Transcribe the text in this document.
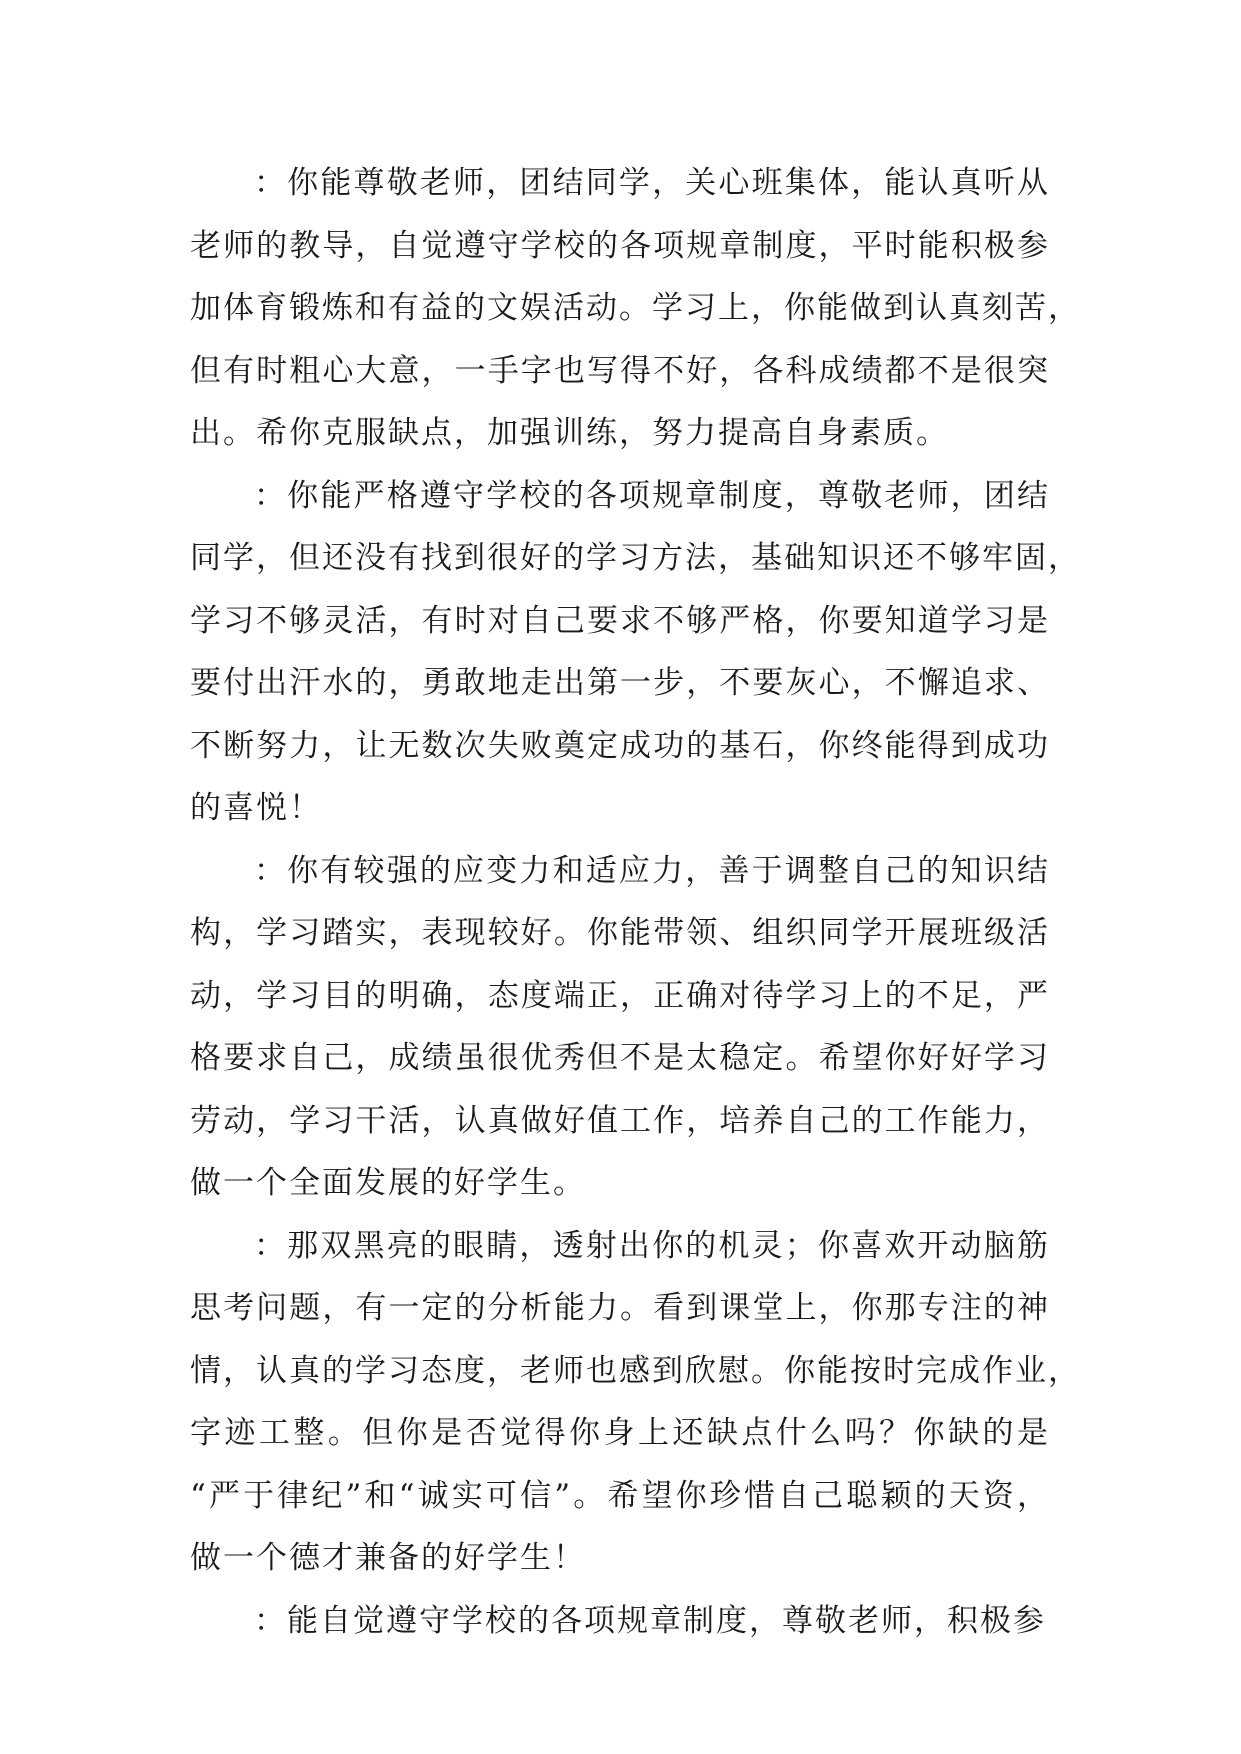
：你能尊敬老师，团结同学，关心班集体，能认真听从
老师的教导，自觉遵守学校的各项规章制度，平时能积极参
加体育锻炼和有益的文娱活动。学习上，你能做到认真刻苦，
但有时粗心大意，一手字也写得不好，各科成绩都不是很突
出。希你克服缺点，加强训练，努力提高自身素质。
：你能严格遵守学校的各项规章制度，尊敬老师，团结
同学，但还没有找到很好的学习方法，基础知识还不够牢固，
学习不够灵活，有时对自己要求不够严格，你要知道学习是
要付出汗水的，勇敢地走出第一步，不要灰心，不懈追求、
不断努力，让无数次失败奠定成功的基石，你终能得到成功
的喜悦！
：你有较强的应变力和适应力，善于调整自己的知识结
构，学习踏实，表现较好。你能带领、组织同学开展班级活
动，学习目的明确，态度端正，正确对待学习上的不足，严
格要求自己，成绩虽很优秀但不是太稳定。希望你好好学习
劳动，学习干活，认真做好值工作，培养自己的工作能力，
做一个全面发展的好学生。
：那双黑亮的眼睛，透射出你的机灵；你喜欢开动脑筋
思考问题，有一定的分析能力。看到课堂上，你那专注的神
情，认真的学习态度，老师也感到欣慰。你能按时完成作业，
字迹工整。但你是否觉得你身上还缺点什么吗？你缺的是
“严于律纪”和“诚实可信”。希望你珍惜自己聪颖的天资，
做一个德才兼备的好学生！
：能自觉遵守学校的各项规章制度，尊敬老师，积极参
